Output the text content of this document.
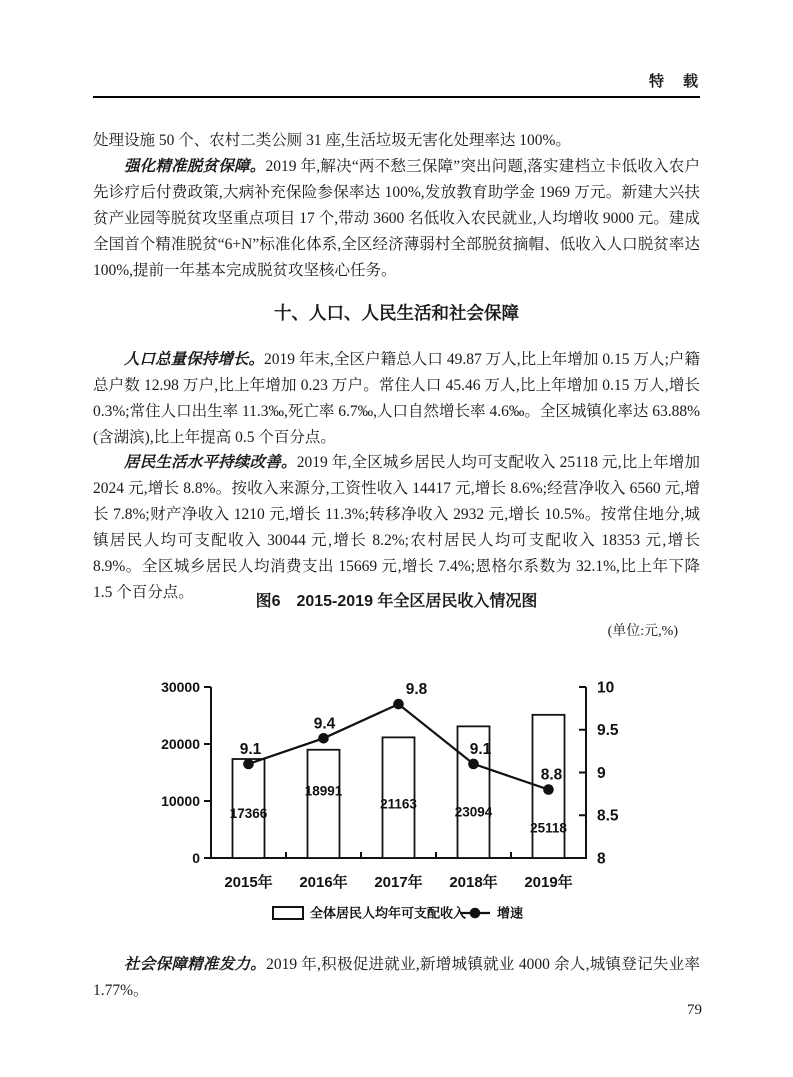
特　载

处理设施 50 个、农村二类公厕 31 座,生活垃圾无害化处理率达 100%。

强化精准脱贫保障。2019 年,解决“两不愁三保障”突出问题,落实建档立卡低收入农户先诊疗后付费政策,大病补充保险参保率达 100%,发放教育助学金 1969 万元。新建大兴扶贫产业园等脱贫攻坚重点项目 17 个,带动 3600 名低收入农民就业,人均增收 9000 元。建成全国首个精准脱贫“6+N”标准化体系,全区经济薄弱村全部脱贫摘帽、低收入人口脱贫率达 100%,提前一年基本完成脱贫攻坚核心任务。

十、人口、人民生活和社会保障

人口总量保持增长。2019 年末,全区户籍总人口 49.87 万人,比上年增加 0.15 万人;户籍总户数 12.98 万户,比上年增加 0.23 万户。常住人口 45.46 万人,比上年增加 0.15 万人,增长 0.3%;常住人口出生率 11.3‰,死亡率 6.7‰,人口自然增长率 4.6‰。全区城镇化率达 63.88%(含湖滨),比上年提高 0.5 个百分点。

居民生活水平持续改善。2019 年,全区城乡居民人均可支配收入 25118 元,比上年增加 2024 元,增长 8.8%。按收入来源分,工资性收入 14417 元,增长 8.6%;经营净收入 6560 元,增长 7.8%;财产净收入 1210 元,增长 11.3%;转移净收入 2932 元,增长 10.5%。按常住地分,城镇居民人均可支配收入 30044 元,增长 8.2%;农村居民人均可支配收入 18353 元,增长 8.9%。全区城乡居民人均消费支出 15669 元,增长 7.4%;恩格尔系数为 32.1%,比上年下降 1.5 个百分点。

图6　2015-2019 年全区居民收入情况图
(单位:元,%)
0
10000
20000
30000
8
8.5
9
9.5
10
17366
18991
21163
23094
25118
9.1
9.4
9.8
9.1
8.8
2015年 2016年 2017年 2018年 2019年
全体居民人均年可支配收入 增速

社会保障精准发力。2019 年,积极促进就业,新增城镇就业 4000 余人,城镇登记失业率 1.77%。

79
